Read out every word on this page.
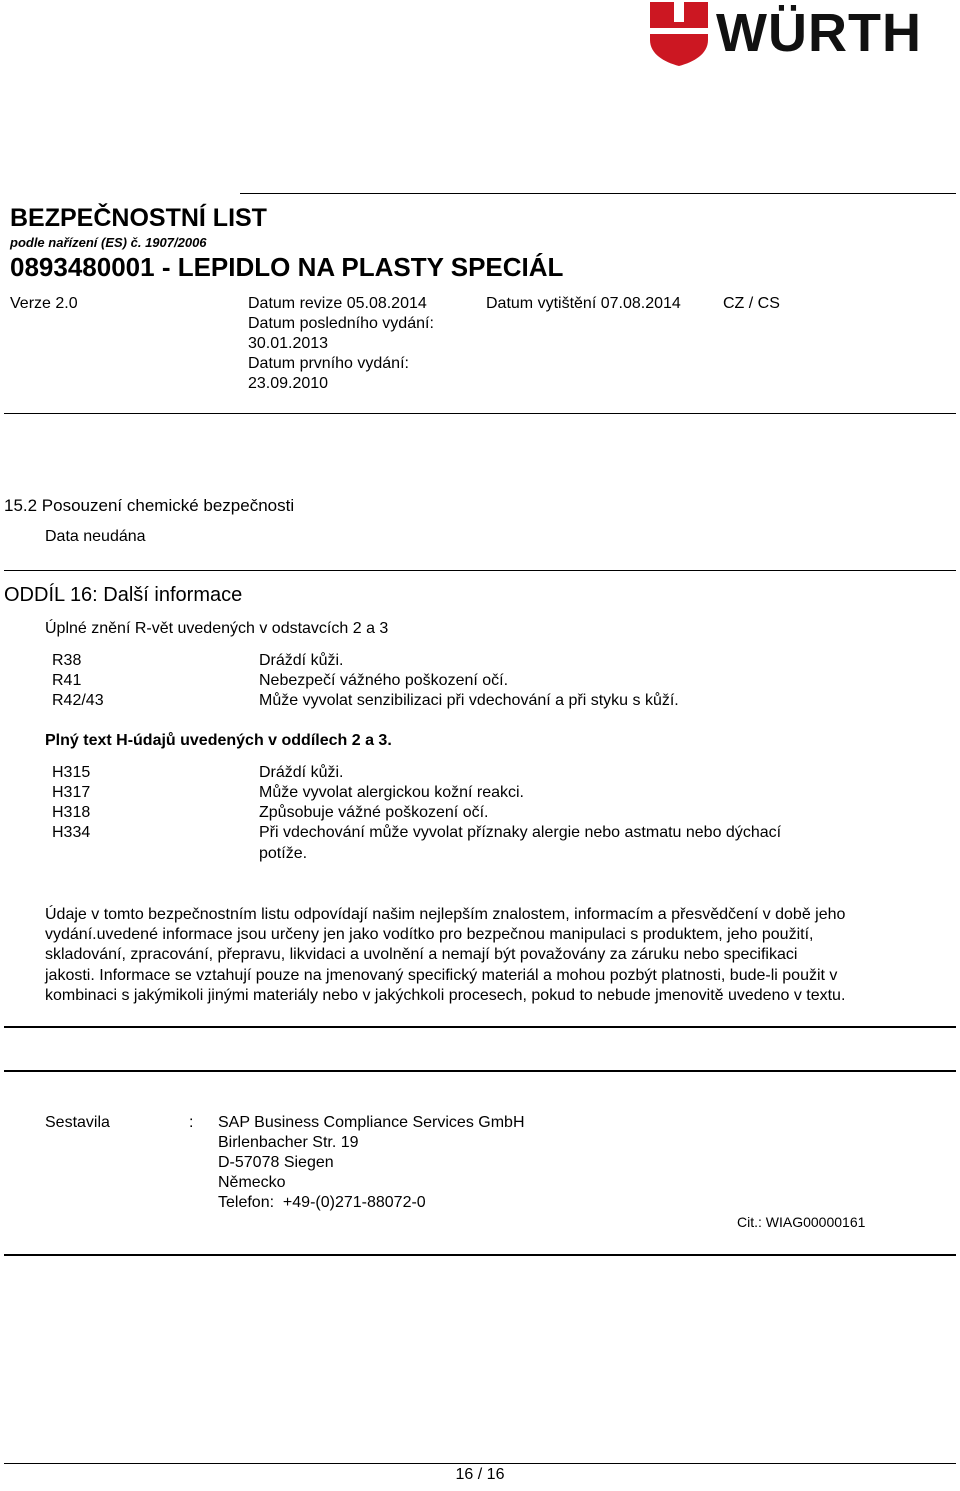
WÜRTH
BEZPEČNOSTNÍ LIST
podle nařízení (ES) č. 1907/2006
0893480001 - LEPIDLO NA PLASTY SPECIÁL
Verze 2.0	Datum revize 05.08.2014
Datum posledního vydání:
30.01.2013
Datum prvního vydání:
23.09.2010
Datum vytištění 07.08.2014	CZ / CS
15.2 Posouzení chemické bezpečnosti
Data neudána
ODDÍL 16: Další informace
Úplné znění R-vět uvedených v odstavcích 2 a 3
R38	Dráždí kůži.
R41	Nebezpečí vážného poškození očí.
R42/43	Může vyvolat senzibilizaci při vdechování a při styku s kůží.
Plný text H-údajů uvedených v oddílech 2 a 3.
H315	Dráždí kůži.
H317	Může vyvolat alergickou kožní reakci.
H318	Způsobuje vážné poškození očí.
H334	Při vdechování může vyvolat příznaky alergie nebo astmatu nebo dýchací
potíže.
Údaje v tomto bezpečnostním listu odpovídají našim nejlepším znalostem, informacím a přesvědčení v době jeho
vydání.uvedené informace jsou určeny jen jako vodítko pro bezpečnou manipulaci s produktem, jeho použití,
skladování, zpracování, přepravu, likvidaci a uvolnění a nemají být považovány za záruku nebo specifikaci
jakosti. Informace se vztahují pouze na jmenovaný specifický materiál a mohou pozbýt platnosti, bude-li použit v
kombinaci s jakýmikoli jinými materiály nebo v jakýchkoli procesech, pokud to nebude jmenovitě uvedeno v textu.
Sestavila	: SAP Business Compliance Services GmbH
Birlenbacher Str. 19
D-57078 Siegen
Německo
Telefon:  +49-(0)271-88072-0
Cit.: WIAG00000161
16 / 16
